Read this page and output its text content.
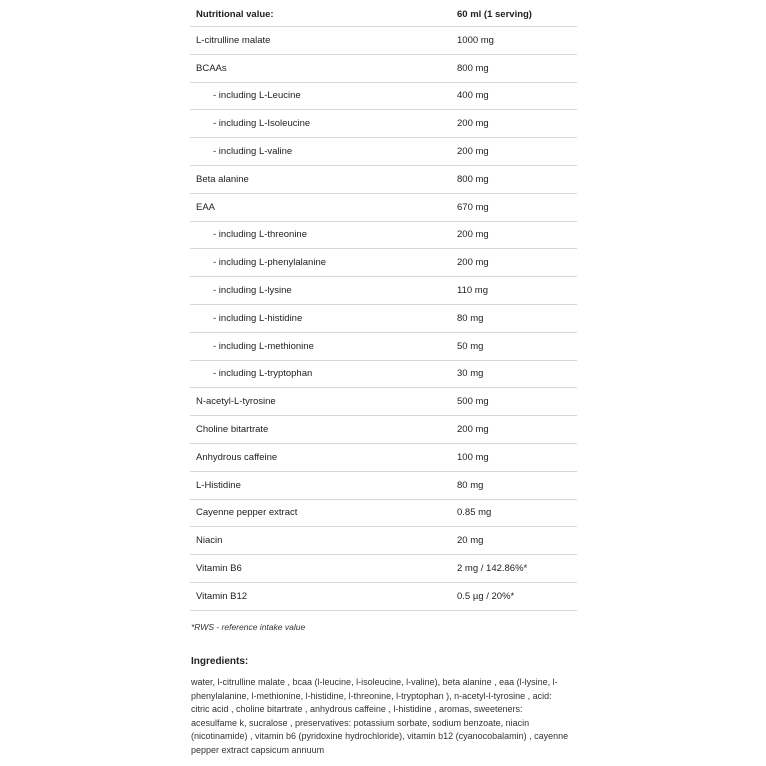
Nutritional value:	60 ml (1 serving)
L-citrulline malate	1000 mg
BCAAs	800 mg
- including L-Leucine	400 mg
- including L-Isoleucine	200 mg
- including L-valine	200 mg
Beta alanine	800 mg
EAA	670 mg
- including L-threonine	200 mg
- including L-phenylalanine	200 mg
- including L-lysine	110 mg
- including L-histidine	80 mg
- including L-methionine	50 mg
- including L-tryptophan	30 mg
N-acetyl-L-tyrosine	500 mg
Choline bitartrate	200 mg
Anhydrous caffeine	100 mg
L-Histidine	80 mg
Cayenne pepper extract	0.85 mg
Niacin	20 mg
Vitamin B6	2 mg / 142.86%*
Vitamin B12	0.5 µg / 20%*
*RWS - reference intake value
Ingredients:
water, l-citrulline malate , bcaa (l-leucine, l-isoleucine, l-valine), beta alanine , eaa (l-lysine, l-phenylalanine, l-methionine, l-histidine, l-threonine, l-tryptophan ), n-acetyl-l-tyrosine , acid: citric acid , choline bitartrate , anhydrous caffeine , l-histidine , aromas, sweeteners: acesulfame k, sucralose , preservatives: potassium sorbate, sodium benzoate, niacin (nicotinamide) , vitamin b6 (pyridoxine hydrochloride), vitamin b12 (cyanocobalamin) , cayenne pepper extract capsicum annuum
